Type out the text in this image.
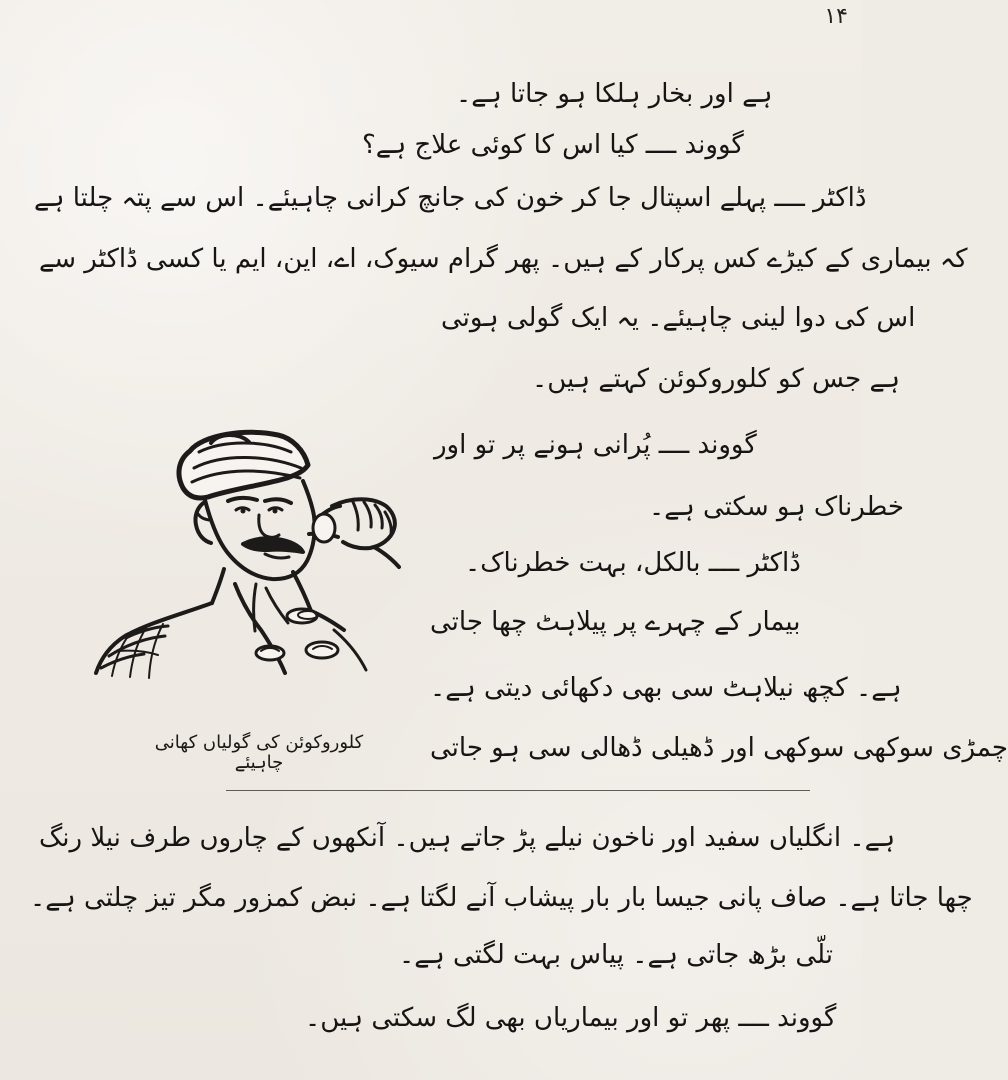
۱۴
ہے اور بخار ہلکا ہو جاتا ہے۔
گووند ــــ کیا اس کا کوئی علاج ہے؟
ڈاکٹر ــــ پہلے اسپتال جا کر خون کی جانچ کرانی چاہیئے۔ اس سے پتہ چلتا ہے
کہ بیماری کے کیڑے کس پرکار کے ہیں۔ پھر گرام سیوک، اے، این، ایم یا کسی ڈاکٹر سے
اس کی دوا لینی چاہیئے۔ یہ ایک گولی ہوتی
ہے جس کو کلوروکوئن کہتے ہیں۔
گووند ــــ پُرانی ہونے پر تو اور
خطرناک ہو سکتی ہے۔
ڈاکٹر ــــ بالکل، بہت خطرناک۔
بیمار کے چہرے پر پیلاہٹ چھا جاتی
ہے۔ کچھ نیلاہٹ سی بھی دکھائی دیتی ہے۔
چمڑی سوکھی سوکھی اور ڈھیلی ڈھالی سی ہو جاتی
ہے۔ انگلیاں سفید اور ناخون نیلے پڑ جاتے ہیں۔ آنکھوں کے چاروں طرف نیلا رنگ
چھا جاتا ہے۔ صاف پانی جیسا بار بار پیشاب آنے لگتا ہے۔ نبض کمزور مگر تیز چلتی ہے۔
تلّی بڑھ جاتی ہے۔ پیاس بہت لگتی ہے۔
گووند ــــ پھر تو اور بیماریاں بھی لگ سکتی ہیں۔
کلوروکوئن کی گولیاں کھانی چاہیئے
